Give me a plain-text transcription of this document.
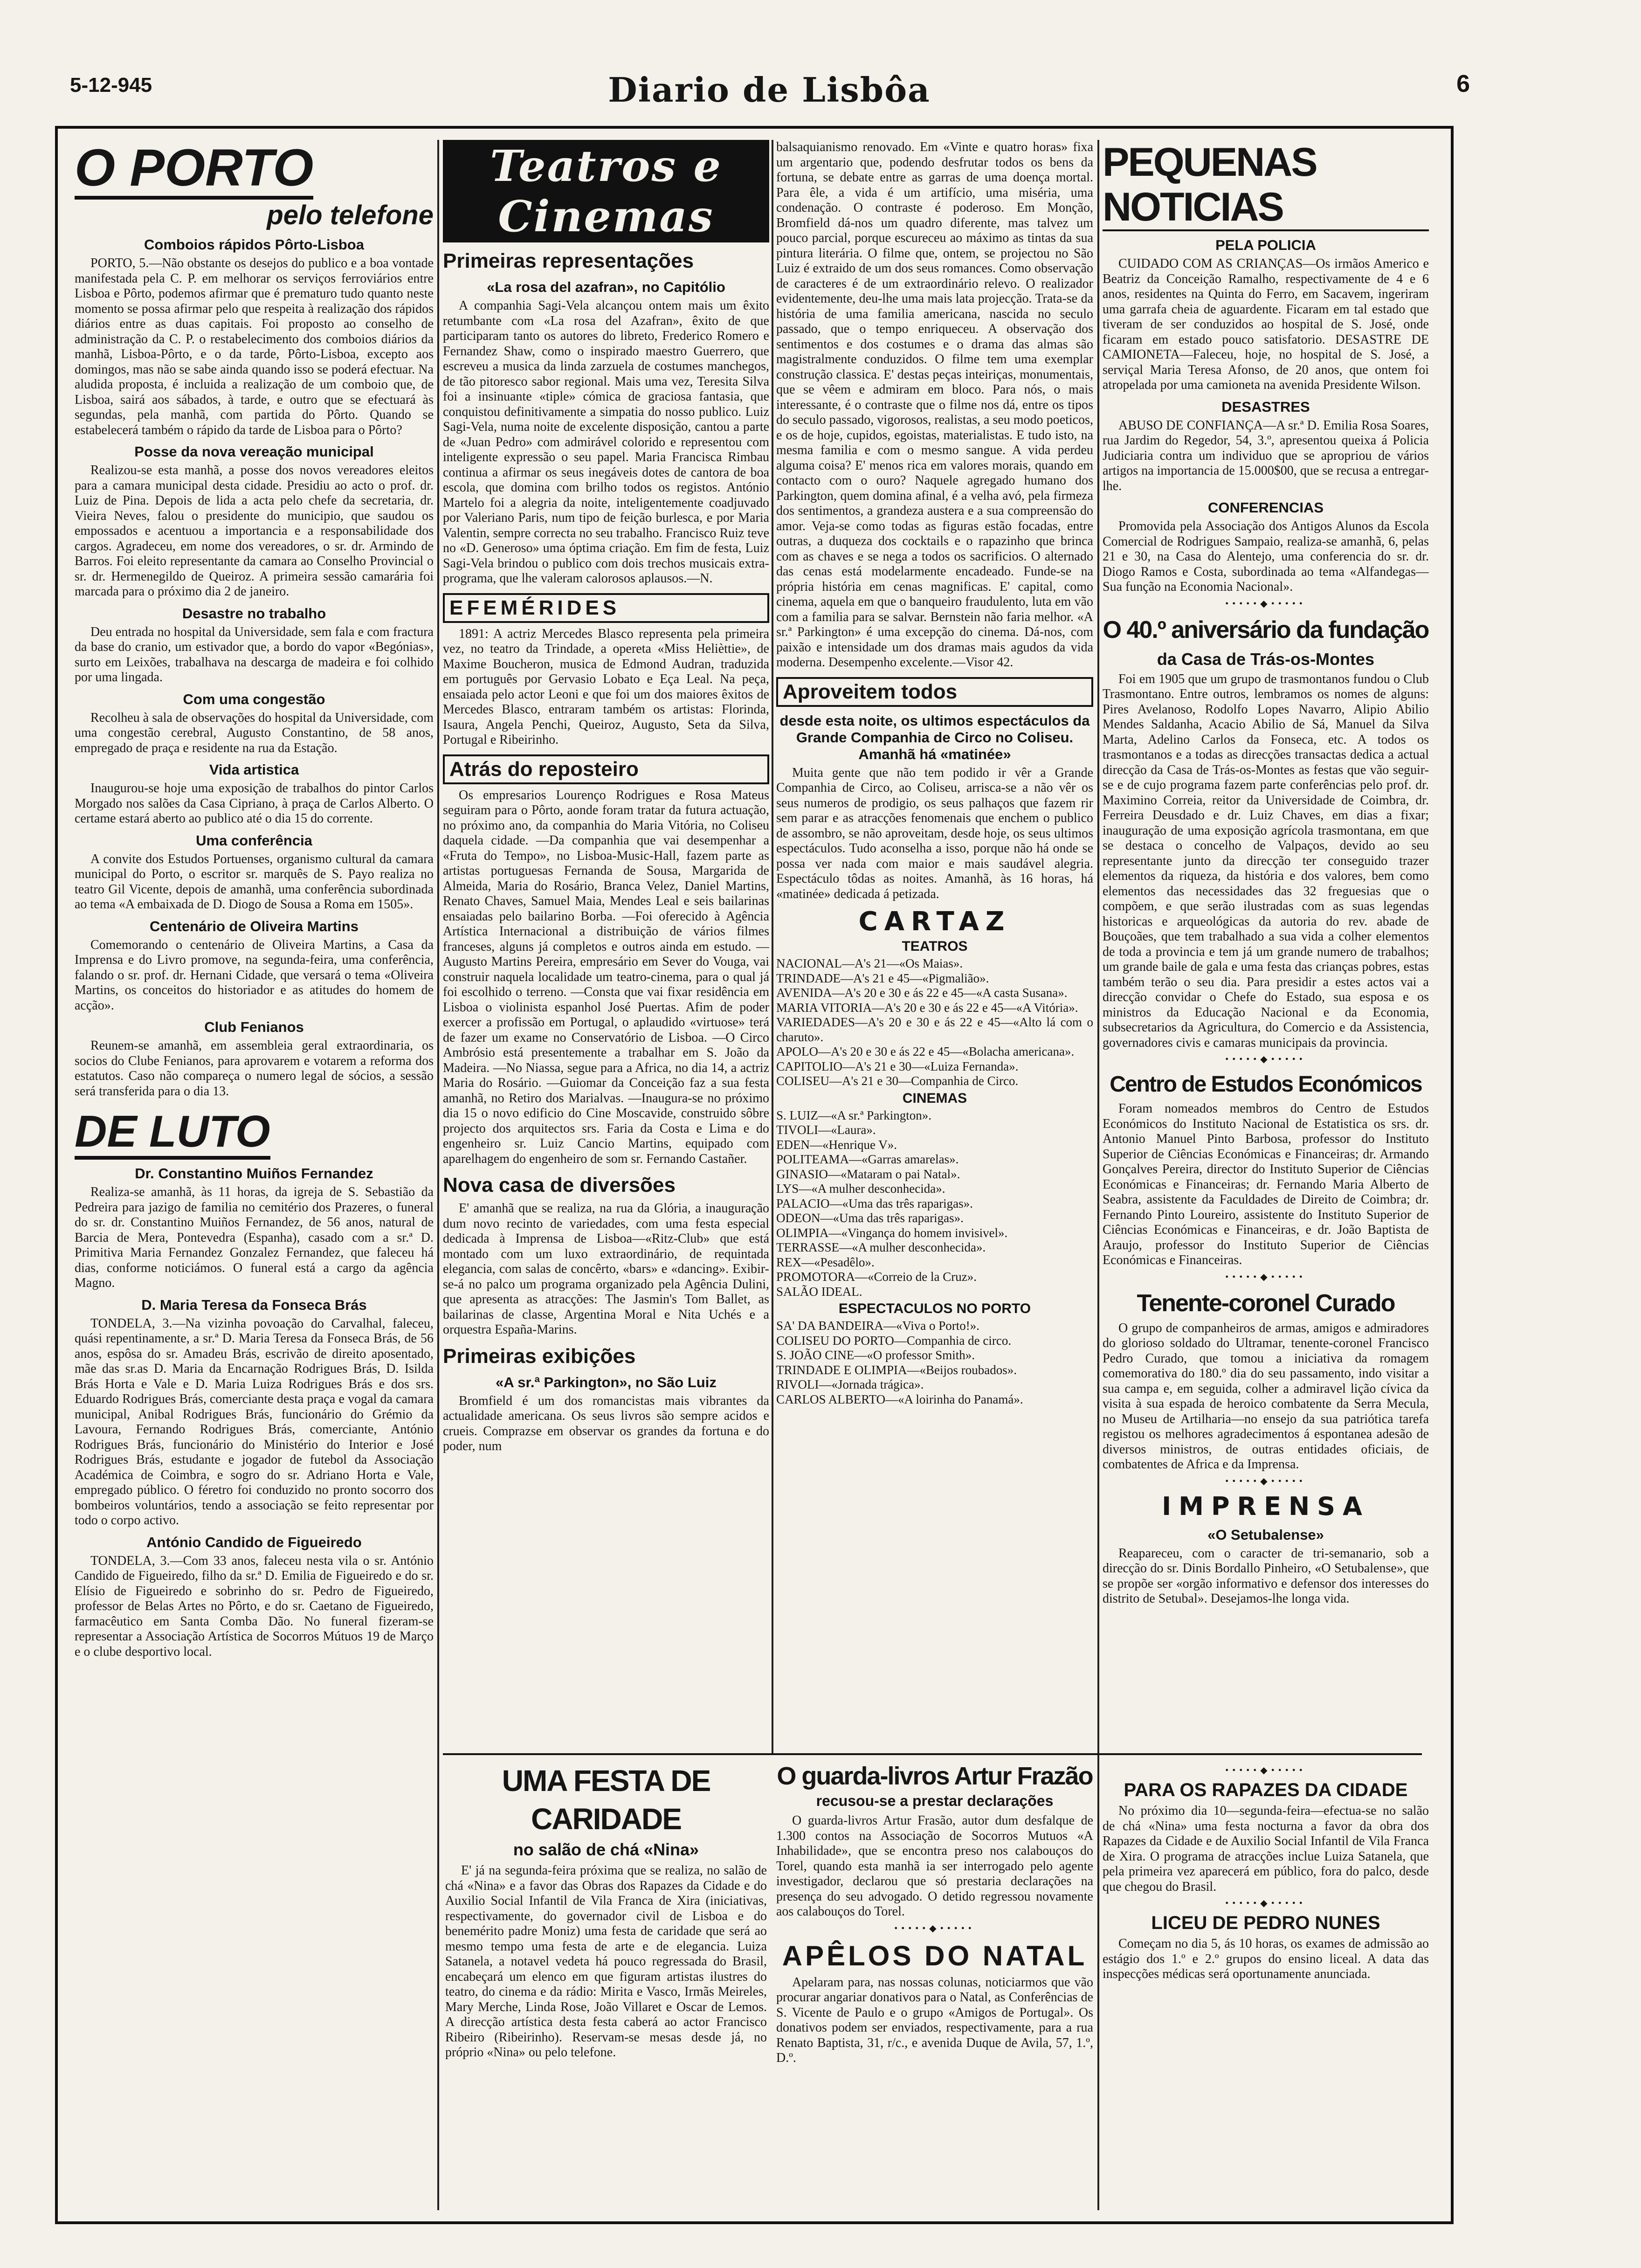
Diario de Lisbôa
5-12-945	6
O PORTO
pelo telefone
Comboios rápidos Pôrto-Lisboa

PORTO, 5.—Não obstante os desejos do publico e a boa vontade manifestada pela C. P. em melhorar os serviços ferroviários entre Lisboa e Pôrto, podemos afirmar que é prematuro tudo quanto neste momento se possa afirmar pelo que respeita à realização dos rápidos diários entre as duas capitais. Foi proposto ao conselho de administração da C. P. o restabelecimento dos comboios diários da manhã, Lisboa-Pôrto, e o da tarde, Pôrto-Lisboa, excepto aos domingos, mas não se sabe ainda quando isso se poderá efectuar. Na aludida proposta, é incluida a realização de um comboio que, de Lisboa, sairá aos sábados, à tarde, e outro que se efectuará às segundas, pela manhã, com partida do Pôrto. Quando se estabelecerá também o rápido da tarde de Lisboa para o Pôrto?

Posse da nova vereação municipal

Realizou-se esta manhã, a posse dos novos vereadores eleitos para a camara municipal desta cidade. Presidiu ao acto o prof. dr. Luiz de Pina. Depois de lida a acta pelo chefe da secretaria, dr. Vieira Neves, falou o presidente do municipio, que saudou os empossados e acentuou a importancia e a responsabilidade dos cargos. Agradeceu, em nome dos vereadores, o sr. dr. Armindo de Barros. Foi eleito representante da camara ao Conselho Provincial o sr. dr. Hermenegildo de Queiroz. A primeira sessão camarária foi marcada para o próximo dia 2 de janeiro.

Desastre no trabalho

Deu entrada no hospital da Universidade, sem fala e com fractura da base do cranio, um estivador que, a bordo do vapor «Begónias», surto em Leixões, trabalhava na descarga de madeira e foi colhido por uma lingada.

Com uma congestão

Recolheu à sala de observações do hospital da Universidade, com uma congestão cerebral, Augusto Constantino, de 58 anos, empregado de praça e residente na rua da Estação.

Vida artistica

Inaugurou-se hoje uma exposição de trabalhos do pintor Carlos Morgado nos salões da Casa Cipriano, à praça de Carlos Alberto. O certame estará aberto ao publico até o dia 15 do corrente.

Uma conferência

A convite dos Estudos Portuenses, organismo cultural da camara municipal do Porto, o escritor sr. marquês de S. Payo realiza no teatro Gil Vicente, depois de amanhã, uma conferência subordinada ao tema «A embaixada de D. Diogo de Sousa a Roma em 1505».

Centenário de Oliveira Martins

Comemorando o centenário de Oliveira Martins, a Casa da Imprensa e do Livro promove, na segunda-feira, uma conferência, falando o sr. prof. dr. Hernani Cidade, que versará o tema «Oliveira Martins, os conceitos do historiador e as atitudes do homem de acção».

Club Fenianos

Reunem-se amanhã, em assembleia geral extraordinaria, os socios do Clube Fenianos, para aprovarem e votarem a reforma dos estatutos. Caso não compareça o numero legal de sócios, a sessão será transferida para o dia 13.

DE LUTO
Dr. Constantino Muiños Fernandez

Realiza-se amanhã, às 11 horas, da igreja de S. Sebastião da Pedreira para jazigo de familia no cemitério dos Prazeres, o funeral do sr. dr. Constantino Muiños Fernandez, de 56 anos, natural de Barcia de Mera, Pontevedra (Espanha), casado com a sr.ª D. Primitiva Maria Fernandez Gonzalez Fernandez, que faleceu há dias, conforme noticiámos. O funeral está a cargo da agência Magno.

D. Maria Teresa da Fonseca Brás

TONDELA, 3.—Na vizinha povoação do Carvalhal, faleceu, quási repentinamente, a sr.ª D. Maria Teresa da Fonseca Brás, de 56 anos, espôsa do sr. Amadeu Brás, escrivão de direito aposentado, mãe das sr.as D. Maria da Encarnação Rodrigues Brás, D. Isilda Brás Horta e Vale e D. Maria Luiza Rodrigues Brás e dos srs. Eduardo Rodrigues Brás, comerciante desta praça e vogal da camara municipal, Anibal Rodrigues Brás, funcionário do Grémio da Lavoura, Fernando Rodrigues Brás, comerciante, António Rodrigues Brás, funcionário do Ministério do Interior e José Rodrigues Brás, estudante e jogador de futebol da Associação Académica de Coimbra, e sogro do sr. Adriano Horta e Vale, empregado público. O féretro foi conduzido no pronto socorro dos bombeiros voluntários, tendo a associação se feito representar por todo o corpo activo.

António Candido de Figueiredo

TONDELA, 3.—Com 33 anos, faleceu nesta vila o sr. António Candido de Figueiredo, filho da sr.ª D. Emilia de Figueiredo e do sr. Elísio de Figueiredo e sobrinho do sr. Pedro de Figueiredo, professor de Belas Artes no Pôrto, e do sr. Caetano de Figueiredo, farmacêutico em Santa Comba Dão. No funeral fizeram-se representar a Associação Artística de Socorros Mútuos 19 de Março e o clube desportivo local.

Teatros e Cinemas
Primeiras representações
«La rosa del azafran», no Capitólio

A companhia Sagi-Vela alcançou ontem mais um êxito retumbante com «La rosa del Azafran», êxito de que participaram tanto os autores do libreto, Frederico Romero e Fernandez Shaw, como o inspirado maestro Guerrero, que escreveu a musica da linda zarzuela de costumes manchegos, de tão pitoresco sabor regional. Mais uma vez, Teresita Silva foi a insinuante «tiple» cómica de graciosa fantasia, que conquistou definitivamente a simpatia do nosso publico. Luiz Sagi-Vela, numa noite de excelente disposição, cantou a parte de «Juan Pedro» com admirável colorido e representou com inteligente expressão o seu papel. Maria Francisca Rimbau continua a afirmar os seus inegáveis dotes de cantora de boa escola, que domina com brilho todos os registos. António Martelo foi a alegria da noite, inteligentemente coadjuvado por Valeriano Paris, num tipo de feição burlesca, e por Maria Valentin, sempre correcta no seu trabalho. Francisco Ruiz teve no «D. Generoso» uma óptima criação. Em fim de festa, Luiz Sagi-Vela brindou o publico com dois trechos musicais extra-programa, que lhe valeram calorosos aplausos.—N.

EFEMÉRIDES

1891: A actriz Mercedes Blasco representa pela primeira vez, no teatro da Trindade, a opereta «Miss Helièttie», de Maxime Boucheron, musica de Edmond Audran, traduzida em português por Gervasio Lobato e Eça Leal. Na peça, ensaiada pelo actor Leoni e que foi um dos maiores êxitos de Mercedes Blasco, entraram também os artistas: Florinda, Isaura, Angela Penchi, Queiroz, Augusto, Seta da Silva, Portugal e Ribeirinho.

Atrás do reposteiro

Os empresarios Lourenço Rodrigues e Rosa Mateus seguiram para o Pôrto, aonde foram tratar da futura actuação, no próximo ano, da companhia do Maria Vitória, no Coliseu daquela cidade. —Da companhia que vai desempenhar a «Fruta do Tempo», no Lisboa-Music-Hall, fazem parte as artistas portuguesas Fernanda de Sousa, Margarida de Almeida, Maria do Rosário, Branca Velez, Daniel Martins, Renato Chaves, Samuel Maia, Mendes Leal e seis bailarinas ensaiadas pelo bailarino Borba. —Foi oferecido à Agência Artística Internacional a distribuição de vários filmes franceses, alguns já completos e outros ainda em estudo. —Augusto Martins Pereira, empresário em Sever do Vouga, vai construir naquela localidade um teatro-cinema, para o qual já foi escolhido o terreno. —Consta que vai fixar residência em Lisboa o violinista espanhol José Puertas. Afim de poder exercer a profissão em Portugal, o aplaudido «virtuose» terá de fazer um exame no Conservatório de Lisboa. —O Circo Ambrósio está presentemente a trabalhar em S. João da Madeira. —No Niassa, segue para a Africa, no dia 14, a actriz Maria do Rosário. —Guiomar da Conceição faz a sua festa amanhã, no Retiro dos Marialvas. —Inaugura-se no próximo dia 15 o novo edificio do Cine Moscavide, construido sôbre projecto dos arquitectos srs. Faria da Costa e Lima e do engenheiro sr. Luiz Cancio Martins, equipado com aparelhagem do engenheiro de som sr. Fernando Castañer.

Nova casa de diversões

E' amanhã que se realiza, na rua da Glória, a inauguração dum novo recinto de variedades, com uma festa especial dedicada à Imprensa de Lisboa—«Ritz-Club» que está montado com um luxo extraordinário, de requintada elegancia, com salas de concêrto, «bars» e «dancing». Exibir-se-á no palco um programa organizado pela Agência Dulini, que apresenta as atracções: The Jasmin's Tom Ballet, as bailarinas de classe, Argentina Moral e Nita Uchés e a orquestra España-Marins.

Primeiras exibições
«A sr.ª Parkington», no São Luiz

Bromfield é um dos romancistas mais vibrantes da actualidade americana. Os seus livros são sempre acidos e crueis. Comprazse em observar os grandes da fortuna e do poder, num

balsaquianismo renovado. Em «Vinte e quatro horas» fixa um argentario que, podendo desfrutar todos os bens da fortuna, se debate entre as garras de uma doença mortal. Para êle, a vida é um artifício, uma miséria, uma condenação. O contraste é poderoso. Em Monção, Bromfield dá-nos um quadro diferente, mas talvez um pouco parcial, porque escureceu ao máximo as tintas da sua pintura literária. O filme que, ontem, se projectou no São Luiz é extraido de um dos seus romances. Como observação de caracteres é de um extraordinário relevo. O realizador evidentemente, deu-lhe uma mais lata projecção. Trata-se da história de uma familia americana, nascida no seculo passado, que o tempo enriqueceu. A observação dos sentimentos e dos costumes e o drama das almas são magistralmente conduzidos. O filme tem uma exemplar construção classica. E' destas peças inteiriças, monumentais, que se vêem e admiram em bloco. Para nós, o mais interessante, é o contraste que o filme nos dá, entre os tipos do seculo passado, vigorosos, realistas, a seu modo poeticos, e os de hoje, cupidos, egoistas, materialistas. E tudo isto, na mesma familia e com o mesmo sangue. A vida perdeu alguma coisa? E' menos rica em valores morais, quando em contacto com o ouro? Naquele agregado humano dos Parkington, quem domina afinal, é a velha avó, pela firmeza dos sentimentos, a grandeza austera e a sua compreensão do amor. Veja-se como todas as figuras estão focadas, entre outras, a duqueza dos cocktails e o rapazinho que brinca com as chaves e se nega a todos os sacrificios. O alternado das cenas está modelarmente encadeado. Funde-se na própria história em cenas magnificas. E' capital, como cinema, aquela em que o banqueiro fraudulento, luta em vão com a familia para se salvar. Bernstein não faria melhor. «A sr.ª Parkington» é uma excepção do cinema. Dá-nos, com paixão e intensidade um dos dramas mais agudos da vida moderna. Desempenho excelente.—Visor 42.

Aproveitem todos
desde esta noite, os ultimos espectáculos da Grande Companhia de Circo no Coliseu. Amanhã há «matinée»

Muita gente que não tem podido ir vêr a Grande Companhia de Circo, ao Coliseu, arrisca-se a não vêr os seus numeros de prodigio, os seus palhaços que fazem rir sem parar e as atracções fenomenais que enchem o publico de assombro, se não aproveitam, desde hoje, os seus ultimos espectáculos. Tudo aconselha a isso, porque não há onde se possa ver nada com maior e mais saudável alegria. Espectáculo tôdas as noites. Amanhã, às 16 horas, há «matinée» dedicada á petizada.

CARTAZ
TEATROS

NACIONAL—A's 21—«Os Maias».

TRINDADE—A's 21 e 45—«Pigmalião».

AVENIDA—A's 20 e 30 e ás 22 e 45—«A casta Susana».

MARIA VITORIA—A's 20 e 30 e ás 22 e 45—«A Vitória».

VARIEDADES—A's 20 e 30 e ás 22 e 45—«Alto lá com o charuto».

APOLO—A's 20 e 30 e ás 22 e 45—«Bolacha americana».

CAPITOLIO—A's 21 e 30—«Luiza Fernanda».

COLISEU—A's 21 e 30—Companhia de Circo.

CINEMAS

S. LUIZ—«A sr.ª Parkington».

TIVOLI—«Laura».

EDEN—«Henrique V».

POLITEAMA—«Garras amarelas».

GINASIO—«Mataram o pai Natal».

LYS—«A mulher desconhecida».

PALACIO—«Uma das três raparigas».

ODEON—«Uma das três raparigas».

OLIMPIA—«Vingança do homem invisivel».

TERRASSE—«A mulher desconhecida».

REX—«Pesadêlo».

PROMOTORA—«Correio de la Cruz».

SALÃO IDEAL.

ESPECTACULOS NO PORTO

SA' DA BANDEIRA—«Viva o Porto!».

COLISEU DO PORTO—Companhia de circo.

S. JOÃO CINE—«O professor Smith».

TRINDADE E OLIMPIA—«Beijos roubados».

RIVOLI—«Jornada trágica».

CARLOS ALBERTO—«A loirinha do Panamá».

PEQUENAS NOTICIAS
PELA POLICIA

CUIDADO COM AS CRIANÇAS—Os irmãos Americo e Beatriz da Conceição Ramalho, respectivamente de 4 e 6 anos, residentes na Quinta do Ferro, em Sacavem, ingeriram uma garrafa cheia de aguardente. Ficaram em tal estado que tiveram de ser conduzidos ao hospital de S. José, onde ficaram em estado pouco satisfatorio. DESASTRE DE CAMIONETA—Faleceu, hoje, no hospital de S. José, a serviçal Maria Teresa Afonso, de 20 anos, que ontem foi atropelada por uma camioneta na avenida Presidente Wilson.

DESASTRES

ABUSO DE CONFIANÇA—A sr.ª D. Emilia Rosa Soares, rua Jardim do Regedor, 54, 3.º, apresentou queixa á Policia Judiciaria contra um individuo que se apropriou de vários artigos na importancia de 15.000$00, que se recusa a entregar-lhe.

CONFERENCIAS

Promovida pela Associação dos Antigos Alunos da Escola Comercial de Rodrigues Sampaio, realiza-se amanhã, 6, pelas 21 e 30, na Casa do Alentejo, uma conferencia do sr. dr. Diogo Ramos e Costa, subordinada ao tema «Alfandegas—Sua função na Economia Nacional».

•••••◆•••••
O 40.º aniversário da fundação
da Casa de Trás-os-Montes

Foi em 1905 que um grupo de trasmontanos fundou o Club Trasmontano. Entre outros, lembramos os nomes de alguns: Pires Avelanoso, Rodolfo Lopes Navarro, Alipio Abilio Mendes Saldanha, Acacio Abilio de Sá, Manuel da Silva Marta, Adelino Carlos da Fonseca, etc. A todos os trasmontanos e a todas as direcções transactas dedica a actual direcção da Casa de Trás-os-Montes as festas que vão seguir-se e de cujo programa fazem parte conferências pelo prof. dr. Maximino Correia, reitor da Universidade de Coimbra, dr. Ferreira Deusdado e dr. Luiz Chaves, em dias a fixar; inauguração de uma exposição agrícola trasmontana, em que se destaca o concelho de Valpaços, devido ao seu representante junto da direcção ter conseguido trazer elementos da riqueza, da história e dos valores, bem como elementos das necessidades das 32 freguesias que o compõem, e que serão ilustradas com as suas legendas historicas e arqueológicas da autoria do rev. abade de Bouçoães, que tem trabalhado a sua vida a colher elementos de toda a provincia e tem já um grande numero de trabalhos; um grande baile de gala e uma festa das crianças pobres, estas também terão o seu dia. Para presidir a estes actos vai a direcção convidar o Chefe do Estado, sua esposa e os ministros da Educação Nacional e da Economia, subsecretarios da Agricultura, do Comercio e da Assistencia, governadores civis e camaras municipais da provincia.

•••••◆•••••
Centro de Estudos Económicos

Foram nomeados membros do Centro de Estudos Económicos do Instituto Nacional de Estatistica os srs. dr. Antonio Manuel Pinto Barbosa, professor do Instituto Superior de Ciências Económicas e Financeiras; dr. Armando Gonçalves Pereira, director do Instituto Superior de Ciências Económicas e Financeiras; dr. Fernando Maria Alberto de Seabra, assistente da Faculdades de Direito de Coimbra; dr. Fernando Pinto Loureiro, assistente do Instituto Superior de Ciências Económicas e Financeiras, e dr. João Baptista de Araujo, professor do Instituto Superior de Ciências Económicas e Financeiras.

•••••◆•••••
Tenente-coronel Curado

O grupo de companheiros de armas, amigos e admiradores do glorioso soldado do Ultramar, tenente-coronel Francisco Pedro Curado, que tomou a iniciativa da romagem comemorativa do 180.º dia do seu passamento, indo visitar a sua campa e, em seguida, colher a admiravel lição cívica da visita à sua espada de heroico combatente da Serra Mecula, no Museu de Artilharia—no ensejo da sua patriótica tarefa registou os melhores agradecimentos á espontanea adesão de diversos ministros, de outras entidades oficiais, de combatentes de Africa e da Imprensa.

•••••◆•••••
IMPRENSA
«O Setubalense»

Reapareceu, com o caracter de tri-semanario, sob a direcção do sr. Dinis Bordallo Pinheiro, «O Setubalense», que se propõe ser «orgão informativo e defensor dos interesses do distrito de Setubal». Desejamos-lhe longa vida.

UMA FESTA DE CARIDADE
no salão de chá «Nina»

E' já na segunda-feira próxima que se realiza, no salão de chá «Nina» e a favor das Obras dos Rapazes da Cidade e do Auxilio Social Infantil de Vila Franca de Xira (iniciativas, respectivamente, do governador civil de Lisboa e do benemérito padre Moniz) uma festa de caridade que será ao mesmo tempo uma festa de arte e de elegancia. Luiza Satanela, a notavel vedeta há pouco regressada do Brasil, encabeçará um elenco em que figuram artistas ilustres do teatro, do cinema e da rádio: Mirita e Vasco, Irmãs Meireles, Mary Merche, Linda Rose, João Villaret e Oscar de Lemos. A direcção artística desta festa caberá ao actor Francisco Ribeiro (Ribeirinho). Reservam-se mesas desde já, no próprio «Nina» ou pelo telefone.

O guarda-livros Artur Frazão
recusou-se a prestar declarações

O guarda-livros Artur Frasão, autor dum desfalque de 1.300 contos na Associação de Socorros Mutuos «A Inhabilidade», que se encontra preso nos calabouços do Torel, quando esta manhã ia ser interrogado pelo agente investigador, declarou que só prestaria declarações na presença do seu advogado. O detido regressou novamente aos calabouços do Torel.

•••••◆•••••
APÊLOS DO NATAL

Apelaram para, nas nossas colunas, noticiarmos que vão procurar angariar donativos para o Natal, as Conferências de S. Vicente de Paulo e o grupo «Amigos de Portugal». Os donativos podem ser enviados, respectivamente, para a rua Renato Baptista, 31, r/c., e avenida Duque de Avila, 57, 1.º, D.º.

•••••◆•••••
PARA OS RAPAZES DA CIDADE

No próximo dia 10—segunda-feira—efectua-se no salão de chá «Nina» uma festa nocturna a favor da obra dos Rapazes da Cidade e de Auxilio Social Infantil de Vila Franca de Xira. O programa de atracções inclue Luiza Satanela, que pela primeira vez aparecerá em público, fora do palco, desde que chegou do Brasil.

•••••◆•••••
LICEU DE PEDRO NUNES

Começam no dia 5, ás 10 horas, os exames de admissão ao estágio dos 1.º e 2.º grupos do ensino liceal. A data das inspecções médicas será oportunamente anunciada.
